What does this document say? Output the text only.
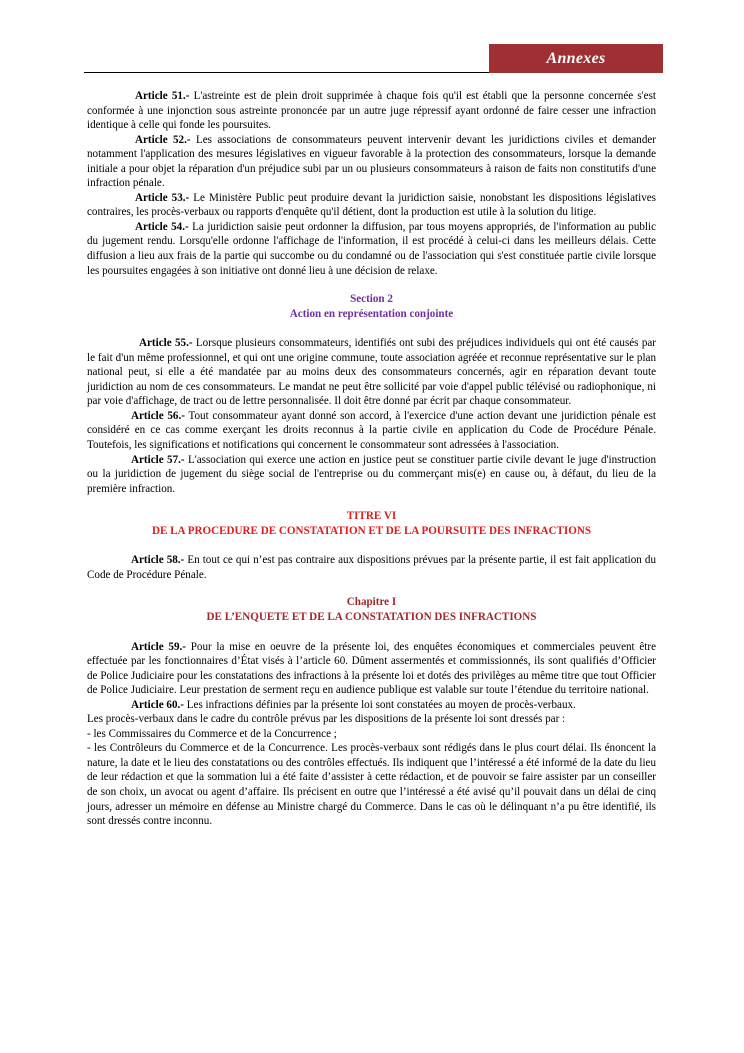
Annexes

Article 51.- L'astreinte est de plein droit supprimée à chaque fois qu'il est établi que la personne concernée s'est conformée à une injonction sous astreinte prononcée par un autre juge répressif ayant ordonné de faire cesser une infraction identique à celle qui fonde les poursuites.

Article 52.- Les associations de consommateurs peuvent intervenir devant les juridictions civiles et demander notamment l'application des mesures législatives en vigueur favorable à la protection des consommateurs, lorsque la demande initiale a pour objet la réparation d'un préjudice subi par un ou plusieurs consommateurs à raison de faits non constitutifs d'une infraction pénale.

Article 53.- Le Ministère Public peut produire devant la juridiction saisie, nonobstant les dispositions législatives contraires, les procès-verbaux ou rapports d'enquête qu'il détient, dont la production est utile à la solution du litige.

Article 54.- La juridiction saisie peut ordonner la diffusion, par tous moyens appropriés, de l'information au public du jugement rendu. Lorsqu'elle ordonne l'affichage de l'information, il est procédé à celui-ci dans les meilleurs délais. Cette diffusion a lieu aux frais de la partie qui succombe ou du condamné ou de l'association qui s'est constituée partie civile lorsque les poursuites engagées à son initiative ont donné lieu à une décision de relaxe.

Section 2

Action en représentation conjointe

Article 55.- Lorsque plusieurs consommateurs, identifiés ont subi des préjudices individuels qui ont été causés par le fait d'un même professionnel, et qui ont une origine commune, toute association agréée et reconnue représentative sur le plan national peut, si elle a été mandatée par au moins deux des consommateurs concernés, agir en réparation devant toute juridiction au nom de ces consommateurs. Le mandat ne peut être sollicité par voie d'appel public télévisé ou radiophonique, ni par voie d'affichage, de tract ou de lettre personnalisée. Il doit être donné par écrit par chaque consommateur.

Article 56.- Tout consommateur ayant donné son accord, à l'exercice d'une action devant une juridiction pénale est considéré en ce cas comme exerçant les droits reconnus à la partie civile en application du Code de Procédure Pénale. Toutefois, les significations et notifications qui concernent le consommateur sont adressées à l'association.

Article 57.- L'association qui exerce une action en justice peut se constituer partie civile devant le juge d'instruction ou la juridiction de jugement du siège social de l'entreprise ou du commerçant mis(e) en cause ou, à défaut, du lieu de la première infraction.

TITRE VI

DE LA PROCEDURE DE CONSTATATION ET DE LA POURSUITE DES INFRACTIONS

Article 58.- En tout ce qui n’est pas contraire aux dispositions prévues par la présente partie, il est fait application du Code de Procédure Pénale.

Chapitre I

DE L’ENQUETE ET DE LA CONSTATATION DES INFRACTIONS

Article 59.- Pour la mise en oeuvre de la présente loi, des enquêtes économiques et commerciales peuvent être effectuée par les fonctionnaires d’État visés à l’article 60. Dûment assermentés et commissionnés, ils sont qualifiés d’Officier de Police Judiciaire pour les constatations des infractions à la présente loi et dotés des privilèges au même titre que tout Officier de Police Judiciaire. Leur prestation de serment reçu en audience publique est valable sur toute l’étendue du territoire national.

Article 60.- Les infractions définies par la présente loi sont constatées au moyen de procès-verbaux.

Les procès-verbaux dans le cadre du contrôle prévus par les dispositions de la présente loi sont dressés par :

- les Commissaires du Commerce et de la Concurrence ;

- les Contrôleurs du Commerce et de la Concurrence. Les procès-verbaux sont rédigés dans le plus court délai. Ils énoncent la nature, la date et le lieu des constatations ou des contrôles effectués. Ils indiquent que l’intéressé a été informé de la date du lieu de leur rédaction et que la sommation lui a été faite d’assister à cette rédaction, et de pouvoir se faire assister par un conseiller de son choix, un avocat ou agent d’affaire. Ils précisent en outre que l’intéressé a été avisé qu’il pouvait dans un délai de cinq jours, adresser un mémoire en défense au Ministre chargé du Commerce. Dans le cas où le délinquant n’a pu être identifié, ils sont dressés contre inconnu.
